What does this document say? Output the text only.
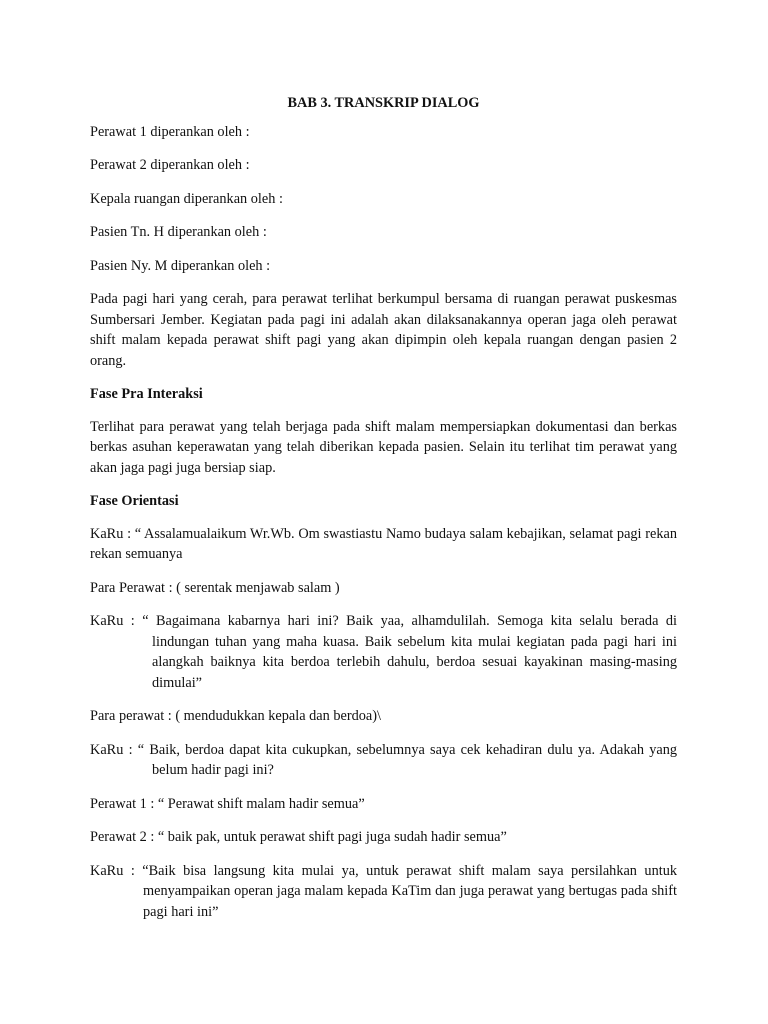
BAB 3. TRANSKRIP DIALOG
Perawat 1 diperankan oleh :
Perawat 2 diperankan oleh :
Kepala ruangan diperankan oleh :
Pasien Tn. H diperankan oleh :
Pasien Ny. M diperankan oleh :
Pada pagi hari yang cerah, para perawat terlihat berkumpul bersama di ruangan perawat puskesmas Sumbersari Jember. Kegiatan pada pagi ini adalah akan dilaksanakannya operan jaga oleh perawat shift malam kepada perawat shift pagi yang akan dipimpin oleh kepala ruangan dengan pasien 2 orang.
Fase Pra Interaksi
Terlihat para perawat yang telah berjaga pada shift malam mempersiapkan dokumentasi dan berkas berkas asuhan keperawatan yang telah diberikan kepada pasien. Selain itu terlihat tim perawat yang akan jaga pagi juga bersiap siap.
Fase Orientasi
KaRu : “ Assalamualaikum Wr.Wb. Om swastiastu Namo budaya salam kebajikan, selamat pagi rekan rekan semuanya
Para Perawat : ( serentak menjawab salam )
KaRu : “ Bagaimana kabarnya hari ini? Baik yaa, alhamdulilah. Semoga kita selalu berada di lindungan tuhan yang maha kuasa. Baik sebelum kita mulai kegiatan pada pagi hari ini alangkah baiknya kita berdoa terlebih dahulu, berdoa sesuai kayakinan masing-masing dimulai”
Para perawat : ( mendudukkan kepala dan berdoa)\
KaRu : “ Baik, berdoa dapat kita cukupkan, sebelumnya saya cek kehadiran dulu ya. Adakah yang belum hadir pagi ini?
Perawat 1 : “ Perawat shift malam hadir semua”
Perawat 2 : “ baik pak, untuk perawat shift pagi juga sudah hadir semua”
KaRu : “Baik bisa langsung kita mulai ya, untuk perawat shift malam saya persilahkan untuk menyampaikan operan jaga malam kepada KaTim dan juga perawat yang bertugas pada shift pagi hari ini”
